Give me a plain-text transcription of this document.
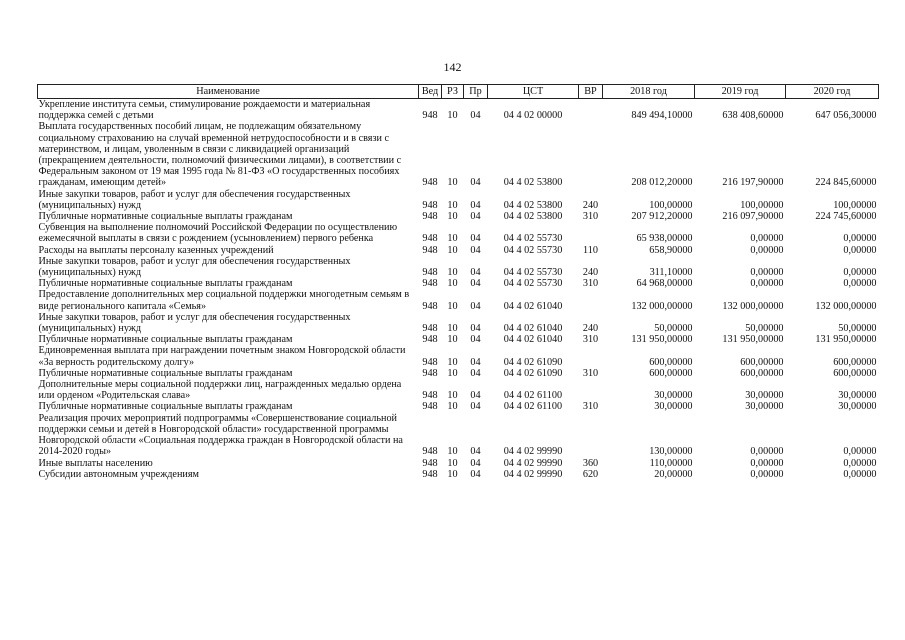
142
Наименование	Вед	РЗ	Пр	ЦСТ	ВР	2018 год	2019 год	2020 год
Укрепление института семьи, стимулирование рождаемости и материальная поддержка семей с детьми	948	10	04	04 4 02 00000		849 494,10000	638 408,60000	647 056,30000
Выплата государственных пособий лицам, не подлежащим обязательному социальному страхованию на случай временной нетрудоспособности и в связи с материнством, и лицам, уволенным в связи с ликвидацией организаций (прекращением деятельности, полномочий физическими лицами), в соответствии с Федеральным законом от 19 мая 1995 года № 81-ФЗ «О государственных пособиях гражданам, имеющим детей»	948	10	04	04 4 02 53800		208 012,20000	216 197,90000	224 845,60000
Иные закупки товаров, работ и услуг для обеспечения государственных (муниципальных) нужд	948	10	04	04 4 02 53800	240	100,00000	100,00000	100,00000
Публичные нормативные социальные выплаты гражданам	948	10	04	04 4 02 53800	310	207 912,20000	216 097,90000	224 745,60000
Субвенция на выполнение полномочий Российской Федерации по осуществлению ежемесячной выплаты в связи с рождением (усыновлением) первого ребенка	948	10	04	04 4 02 55730		65 938,00000	0,00000	0,00000
Расходы на выплаты персоналу казенных учреждений	948	10	04	04 4 02 55730	110	658,90000	0,00000	0,00000
Иные закупки товаров, работ и услуг для обеспечения государственных (муниципальных) нужд	948	10	04	04 4 02 55730	240	311,10000	0,00000	0,00000
Публичные нормативные социальные выплаты гражданам	948	10	04	04 4 02 55730	310	64 968,00000	0,00000	0,00000
Предоставление дополнительных мер социальной поддержки многодетным семьям в виде регионального капитала «Семья»	948	10	04	04 4 02 61040		132 000,00000	132 000,00000	132 000,00000
Иные закупки товаров, работ и услуг для обеспечения государственных (муниципальных) нужд	948	10	04	04 4 02 61040	240	50,00000	50,00000	50,00000
Публичные нормативные социальные выплаты гражданам	948	10	04	04 4 02 61040	310	131 950,00000	131 950,00000	131 950,00000
Единовременная выплата при награждении почетным знаком Новгородской области «За верность родительскому долгу»	948	10	04	04 4 02 61090		600,00000	600,00000	600,00000
Публичные нормативные социальные выплаты гражданам	948	10	04	04 4 02 61090	310	600,00000	600,00000	600,00000
Дополнительные меры социальной поддержки лиц, награжденных медалью ордена или орденом «Родительская слава»	948	10	04	04 4 02 61100		30,00000	30,00000	30,00000
Публичные нормативные социальные выплаты гражданам	948	10	04	04 4 02 61100	310	30,00000	30,00000	30,00000
Реализация прочих мероприятий подпрограммы «Совершенствование социальной поддержки семьи и детей в Новгородской области» государственной программы Новгородской области «Социальная поддержка граждан в Новгородской области на 2014-2020 годы»	948	10	04	04 4 02 99990		130,00000	0,00000	0,00000
Иные выплаты населению	948	10	04	04 4 02 99990	360	110,00000	0,00000	0,00000
Субсидии автономным учреждениям	948	10	04	04 4 02 99990	620	20,00000	0,00000	0,00000
